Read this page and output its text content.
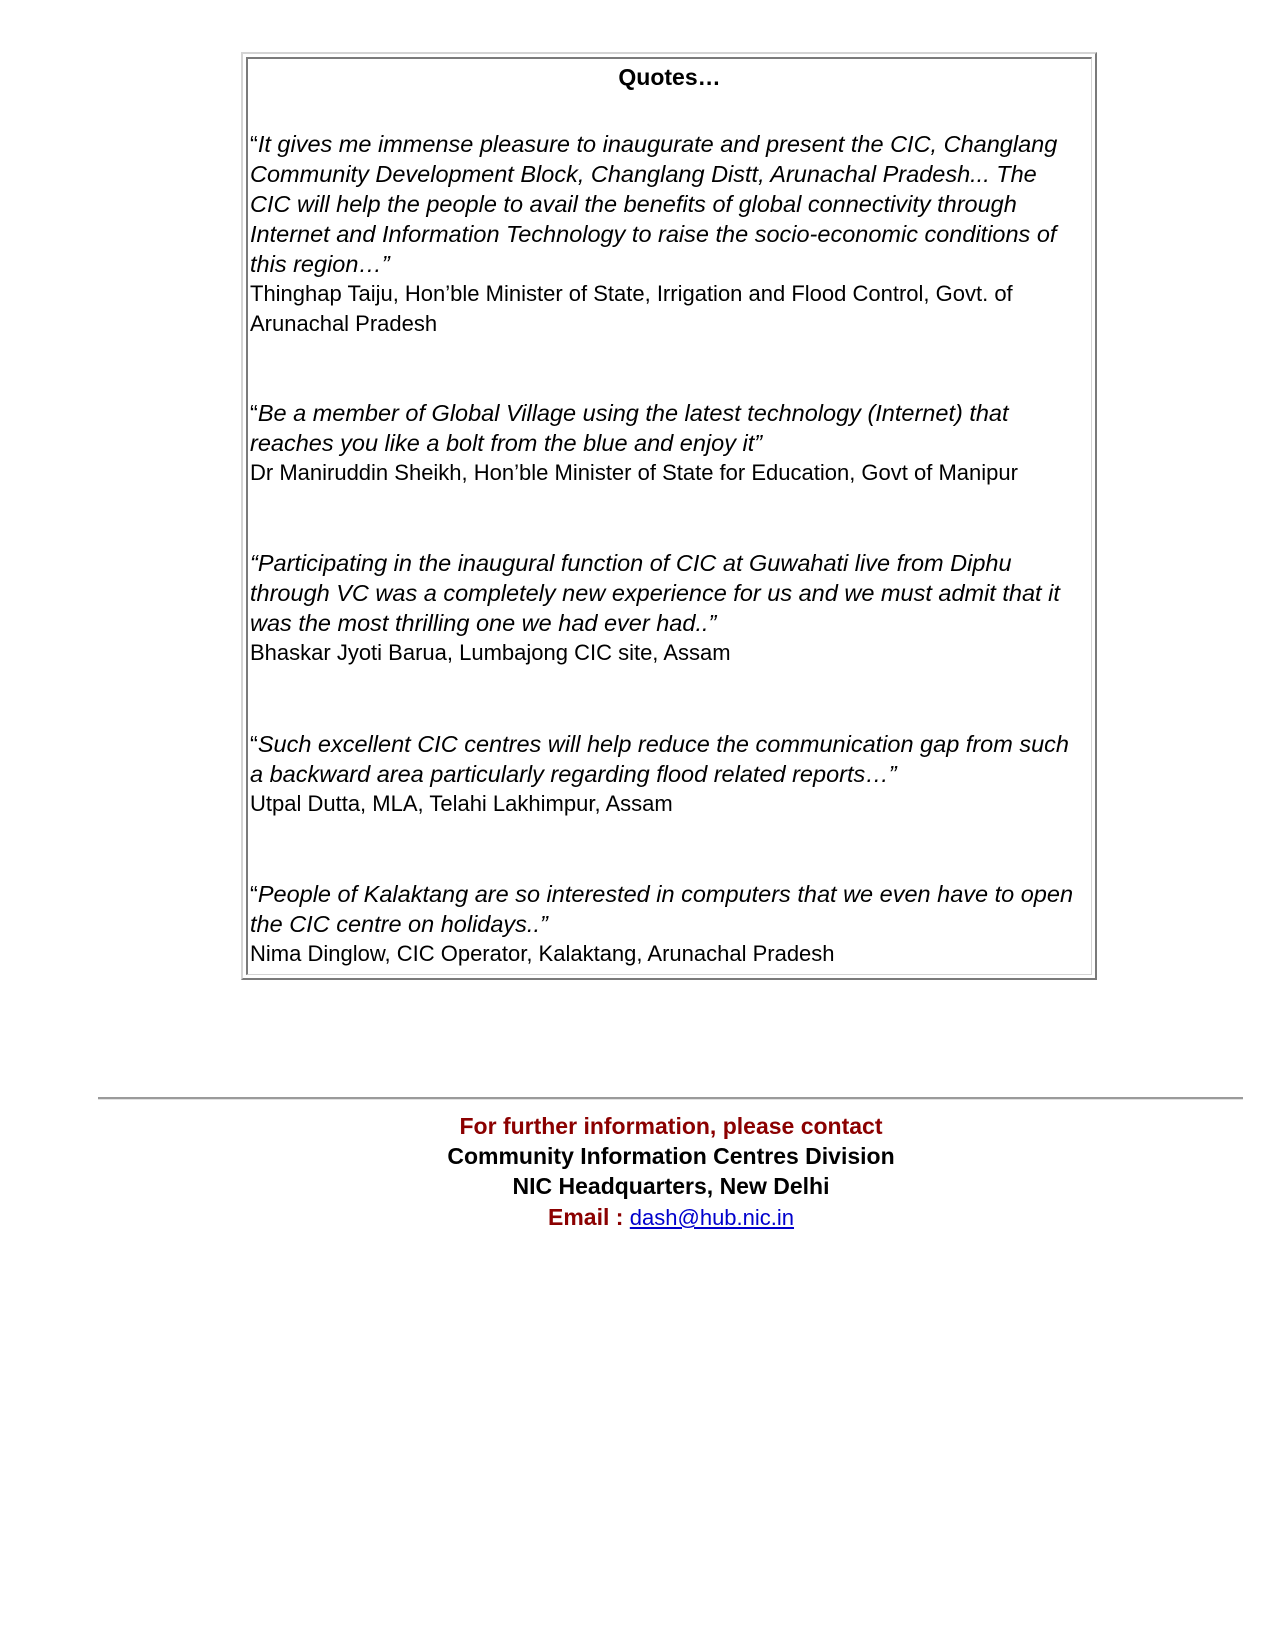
Quotes…
“It gives me immense pleasure to inaugurate and present the CIC, Changlang Community Development Block, Changlang Distt, Arunachal Pradesh... The CIC will help the people to avail the benefits of global connectivity through Internet and Information Technology to raise the socio-economic conditions of this region…”
Thinghap Taiju, Hon’ble Minister of State, Irrigation and Flood Control, Govt. of Arunachal Pradesh
“Be a member of Global Village using the latest technology (Internet) that reaches you like a bolt from the blue and enjoy it”
Dr Maniruddin Sheikh, Hon’ble Minister of State for Education, Govt of Manipur
“Participating in the inaugural function of CIC at Guwahati live from Diphu through VC was a completely new experience for us and we must admit that it was the most thrilling one we had ever had..”
Bhaskar Jyoti Barua, Lumbajong CIC site, Assam
“Such excellent CIC centres will help reduce the communication gap from such a backward area particularly regarding flood related reports…”
Utpal Dutta, MLA, Telahi Lakhimpur, Assam
“People of Kalaktang are so interested in computers that we even have to open the CIC centre on holidays..”
Nima Dinglow, CIC Operator, Kalaktang, Arunachal Pradesh
For further information, please contact
Community Information Centres Division
NIC Headquarters, New Delhi
Email : dash@hub.nic.in
